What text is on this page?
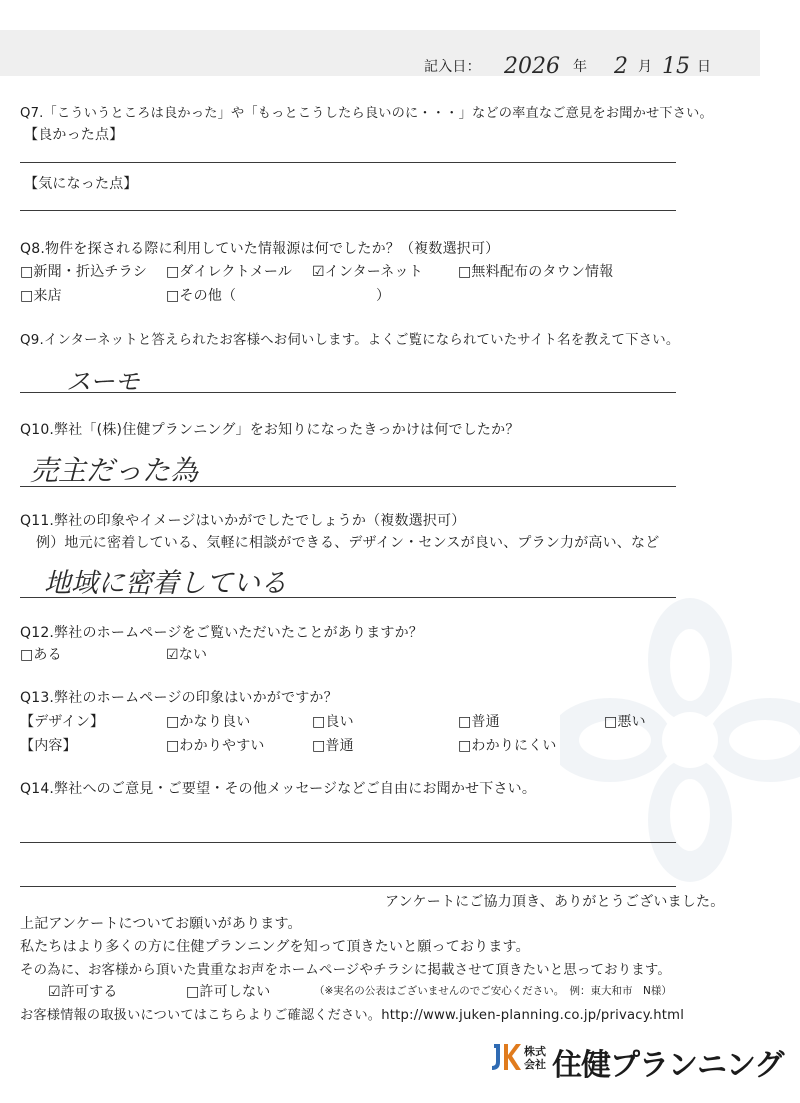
記入日： 2026 年 2 月 15 日
Q7.「こういうところは良かった」や「もっとこうしたら良いのに・・・」などの率直なご意見をお聞かせ下さい。
【良かった点】
【気になった点】
Q8.物件を探される際に利用していた情報源は何でしたか？（複数選択可）
□新聞・折込チラシ □ダイレクトメール ☑インターネット	□無料配布のタウン情報
□来店	□その他（	）
Q9.インターネットと答えられたお客様へお伺いします。よくご覧になられていたサイト名を教えて下さい。
スーモ
Q10.弊社「(株)住健プランニング」をお知りになったきっかけは何でしたか？
売主だった為
Q11.弊社の印象やイメージはいかがでしたでしょうか（複数選択可）
例）地元に密着している、気軽に相談ができる、デザイン・センスが良い、プラン力が高い、など
地域に密着している
Q12.弊社のホームページをご覧いただいたことがありますか？
□ある	☑ない
Q13.弊社のホームページの印象はいかがですか？
【デザイン】	□かなり良い	□良い	□普通	□悪い
【内容】	□わかりやすい	□普通	□わかりにくい
Q14.弊社へのご意見・ご要望・その他メッセージなどご自由にお聞かせ下さい。
アンケートにご協力頂き、ありがとうございました。
上記アンケートについてお願いがあります。
私たちはより多くの方に住健プランニングを知って頂きたいと願っております。
その為に、お客様から頂いた貴重なお声をホームページやチラシに掲載させて頂きたいと思っております。
☑許可する	□許可しない	（※実名の公表はございませんのでご安心ください。　例：東大和市　N様）
お客様情報の取扱いについてはこちらよりご確認ください。http://www.juken-planning.co.jp/privacy.html
株式会社 住健プランニング
